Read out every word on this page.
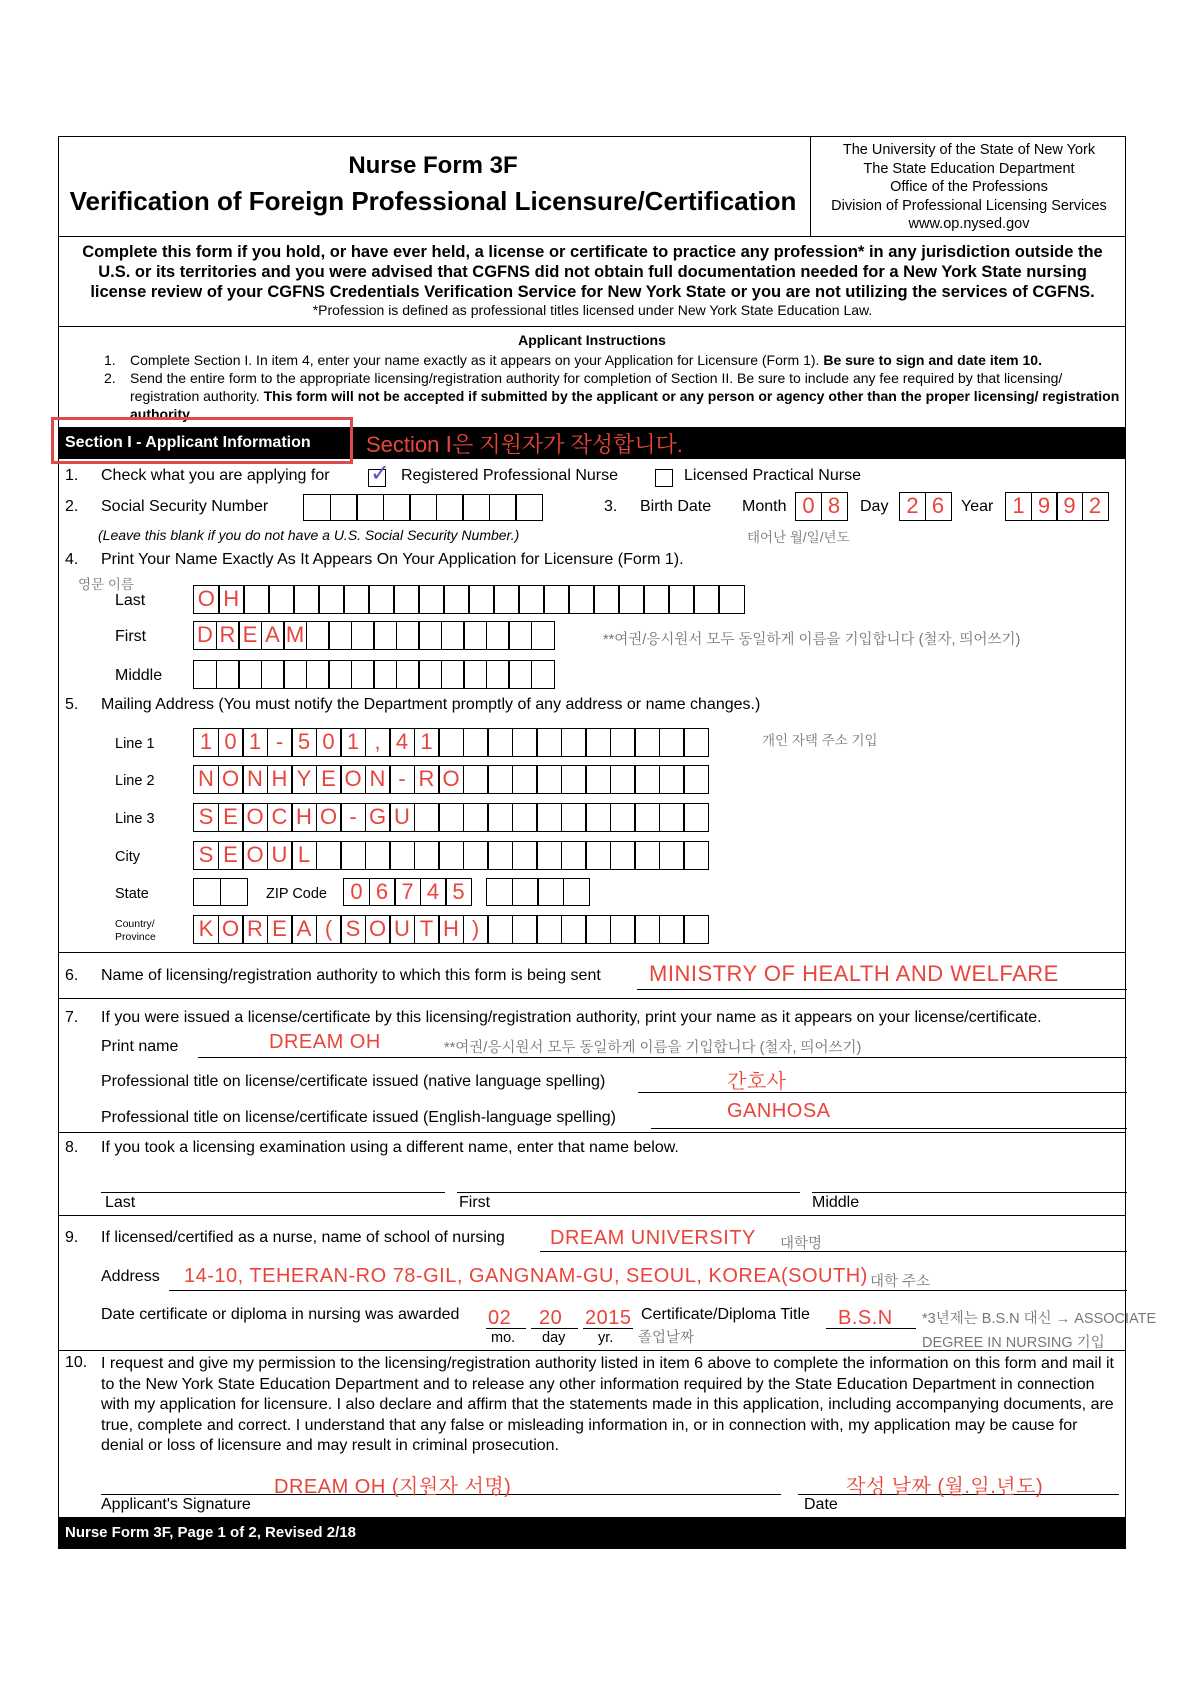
Nurse Form 3F
Verification of Foreign Professional Licensure/Certification
The University of the State of New York
The State Education Department
Office of the Professions
Division of Professional Licensing Services
www.op.nysed.gov
Complete this form if you hold, or have ever held, a license or certificate to practice any profession* in any jurisdiction outside the U.S. or its territories and you were advised that CGFNS did not obtain full documentation needed for a New York State nursing license review of your CGFNS Credentials Verification Service for New York State or you are not utilizing the services of CGFNS.
*Profession is defined as professional titles licensed under New York State Education Law.
Applicant Instructions
1. Complete Section I. In item 4, enter your name exactly as it appears on your Application for Licensure (Form 1). Be sure to sign and date item 10.
2. Send the entire form to the appropriate licensing/registration authority for completion of Section II. Be sure to include any fee required by that licensing/ registration authority. This form will not be accepted if submitted by the applicant or any person or agency other than the proper licensing/ registration authority.
Section I - Applicant Information	Section Ⅰ은 지원자가 작성합니다.
1. Check what you are applying for ✓ Registered Professional Nurse	Licensed Practical Nurse
2. Social Security Number	3. Birth Date Month 0 8	Day 2 6	Year 1 9 9 2
(Leave this blank if you do not have a U.S. Social Security Number.)	태어난 월/일/년도
4. Print Your Name Exactly As It Appears On Your Application for Licensure (Form 1).
영문 이름
Last O H
First D R E A M	**여권/응시원서 모두 동일하게 이름을 기입합니다 (철자, 띄어쓰기)
Middle
5. Mailing Address (You must notify the Department promptly of any address or name changes.)
Line 1	1 0 1 - 5 0 1 , 4 1	개인 자택 주소 기입
Line 2 N O N H Y E O N - R O
Line 3 S E O C H O - G U
City	S E O U L
State	ZIP Code	0 6 7 4 5
Country/
Province K O R E A ( S O U T H )
6. Name of licensing/registration authority to which this form is being sent MINISTRY OF HEALTH AND WELFARE
7. If you were issued a license/certificate by this licensing/registration authority, print your name as it appears on your license/certificate.
Print name	DREAM OH	**여권/응시원서 모두 동일하게 이름을 기입합니다 (철자, 띄어쓰기)
Professional title on license/certificate issued (native language spelling)	간호사
Professional title on license/certificate issued (English-language spelling)	GANHOSA
8. If you took a licensing examination using a different name, enter that name below.
Last	First	Middle
9. If licensed/certified as a nurse, name of school of nursing DREAM UNIVERSITY 대학명
Address 14-10, TEHERAN-RO 78-GIL, GANGNAM-GU, SEOUL, KOREA(SOUTH) 대학 주소
Date certificate or diploma in nursing was awarded 02 20 2015
mo. day yr. 졸업날짜
Certificate/Diploma Title B.S.N *3년제는 B.S.N 대신 → ASSOCIATE
DEGREE IN NURSING 기입
10. I request and give my permission to the licensing/registration authority listed in item 6 above to complete the information on this form and mail it to the New York State Education Department and to release any other information required by the State Education Department in connection with my application for licensure. I also declare and affirm that the statements made in this application, including accompanying documents, are true, complete and correct. I understand that any false or misleading information in, or in connection with, my application may be cause for denial or loss of licensure and may result in criminal prosecution.
DREAM OH (지원자 서명)
Applicant's Signature
작성 날짜 (월.일.년도)
Date
Nurse Form 3F, Page 1 of 2, Revised 2/18
